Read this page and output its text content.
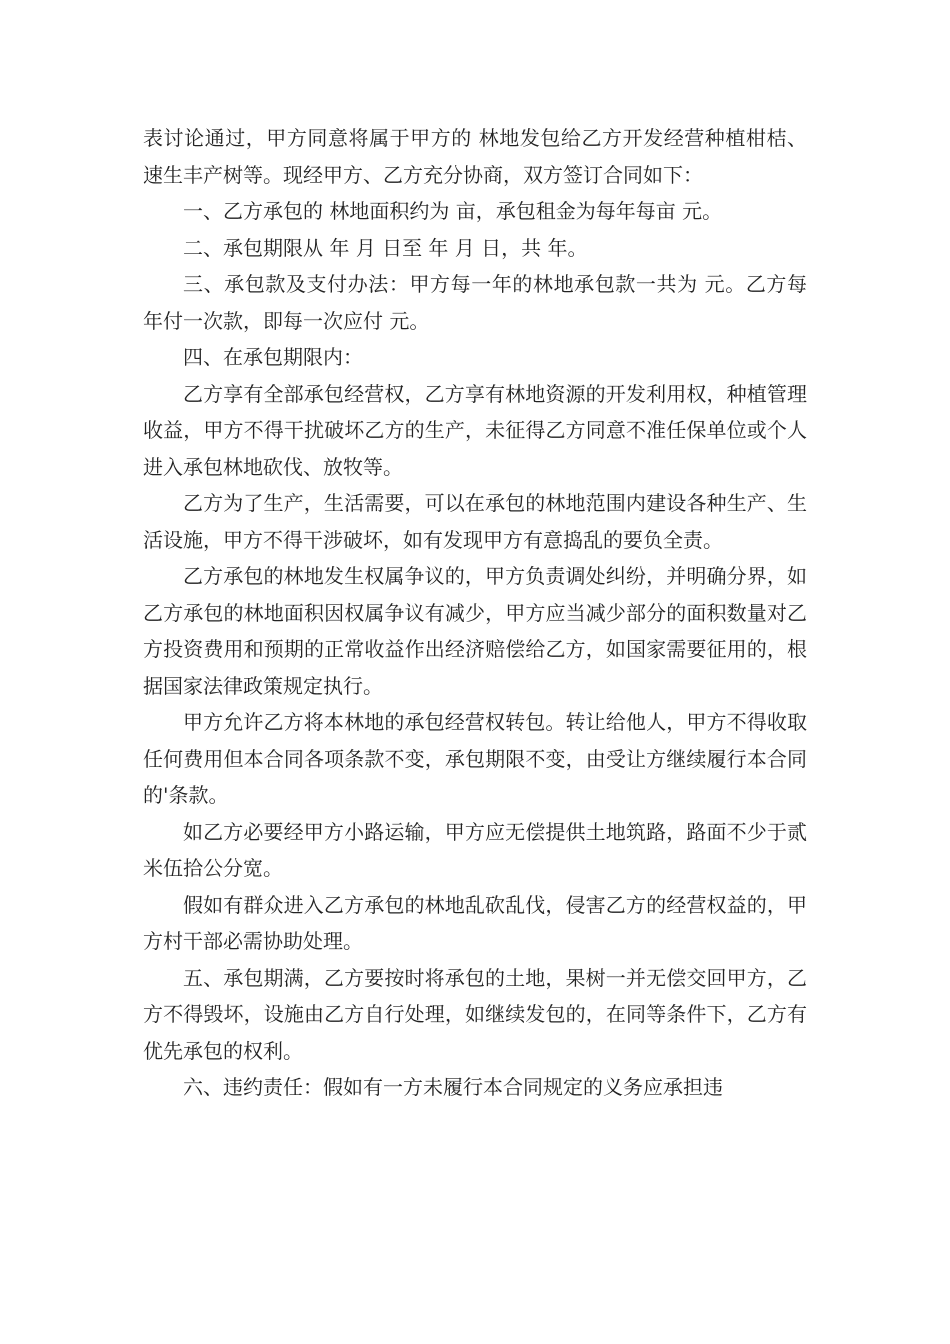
表讨论通过，甲方同意将属于甲方的 林地发包给乙方开发经营种植柑桔、速生丰产树等。现经甲方、乙方充分协商，双方签订合同如下：

一、乙方承包的 林地面积约为 亩，承包租金为每年每亩 元。

二、承包期限从 年 月 日至 年 月 日，共 年。

三、承包款及支付办法：甲方每一年的林地承包款一共为 元。乙方每 年付一次款，即每一次应付 元。

四、在承包期限内：

乙方享有全部承包经营权，乙方享有林地资源的开发利用权，种植管理收益，甲方不得干扰破坏乙方的生产，未征得乙方同意不准任保单位或个人进入承包林地砍伐、放牧等。

乙方为了生产，生活需要，可以在承包的林地范围内建设各种生产、生活设施，甲方不得干涉破坏，如有发现甲方有意捣乱的要负全责。

乙方承包的林地发生权属争议的，甲方负责调处纠纷，并明确分界，如乙方承包的林地面积因权属争议有减少，甲方应当减少部分的面积数量对乙方投资费用和预期的正常收益作出经济赔偿给乙方，如国家需要征用的，根据国家法律政策规定执行。

甲方允许乙方将本林地的承包经营权转包。转让给他人，甲方不得收取任何费用但本合同各项条款不变，承包期限不变，由受让方继续履行本合同的'条款。

如乙方必要经甲方小路运输，甲方应无偿提供土地筑路，路面不少于贰米伍拾公分宽。

假如有群众进入乙方承包的林地乱砍乱伐，侵害乙方的经营权益的，甲方村干部必需协助处理。

五、承包期满，乙方要按时将承包的土地，果树一并无偿交回甲方，乙方不得毁坏，设施由乙方自行处理，如继续发包的，在同等条件下，乙方有优先承包的权利。

六、违约责任：假如有一方未履行本合同规定的义务应承担违
